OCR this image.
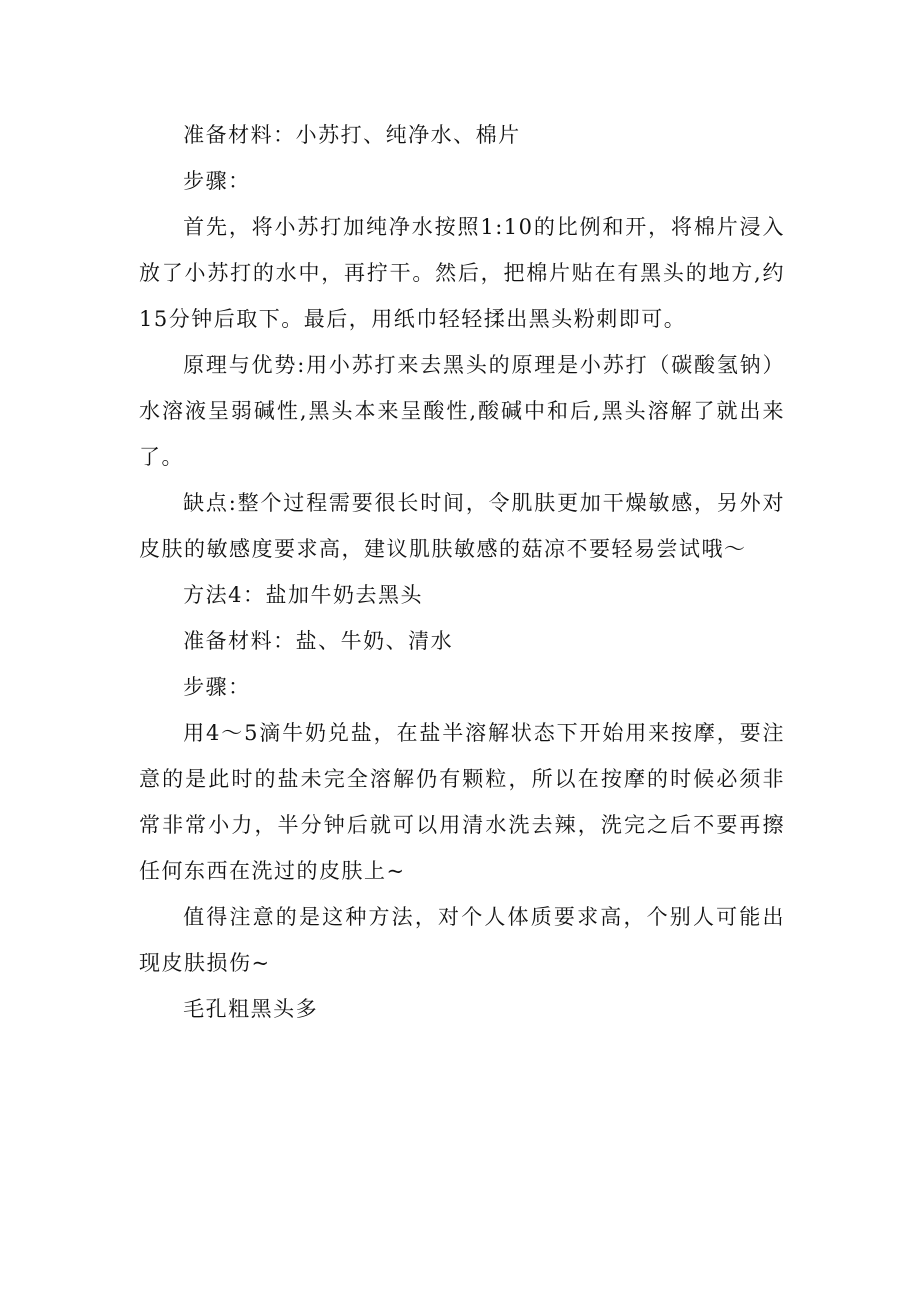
准备材料：小苏打、纯净水、棉片

步骤：

首先，将小苏打加纯净水按照1:10的比例和开，将棉片浸入放了小苏打的水中，再拧干。然后，把棉片贴在有黑头的地方,约15分钟后取下。最后，用纸巾轻轻揉出黑头粉刺即可。

原理与优势:用小苏打来去黑头的原理是小苏打（碳酸氢钠）水溶液呈弱碱性,黑头本来呈酸性,酸碱中和后,黑头溶解了就出来了。

缺点:整个过程需要很长时间，令肌肤更加干燥敏感，另外对皮肤的敏感度要求高，建议肌肤敏感的菇凉不要轻易尝试哦～

方法4：盐加牛奶去黑头

准备材料：盐、牛奶、清水

步骤：

用4～5滴牛奶兑盐，在盐半溶解状态下开始用来按摩，要注意的是此时的盐未完全溶解仍有颗粒，所以在按摩的时候必须非常非常小力，半分钟后就可以用清水洗去辣，洗完之后不要再擦任何东西在洗过的皮肤上~

值得注意的是这种方法，对个人体质要求高，个别人可能出现皮肤损伤~

毛孔粗黑头多
